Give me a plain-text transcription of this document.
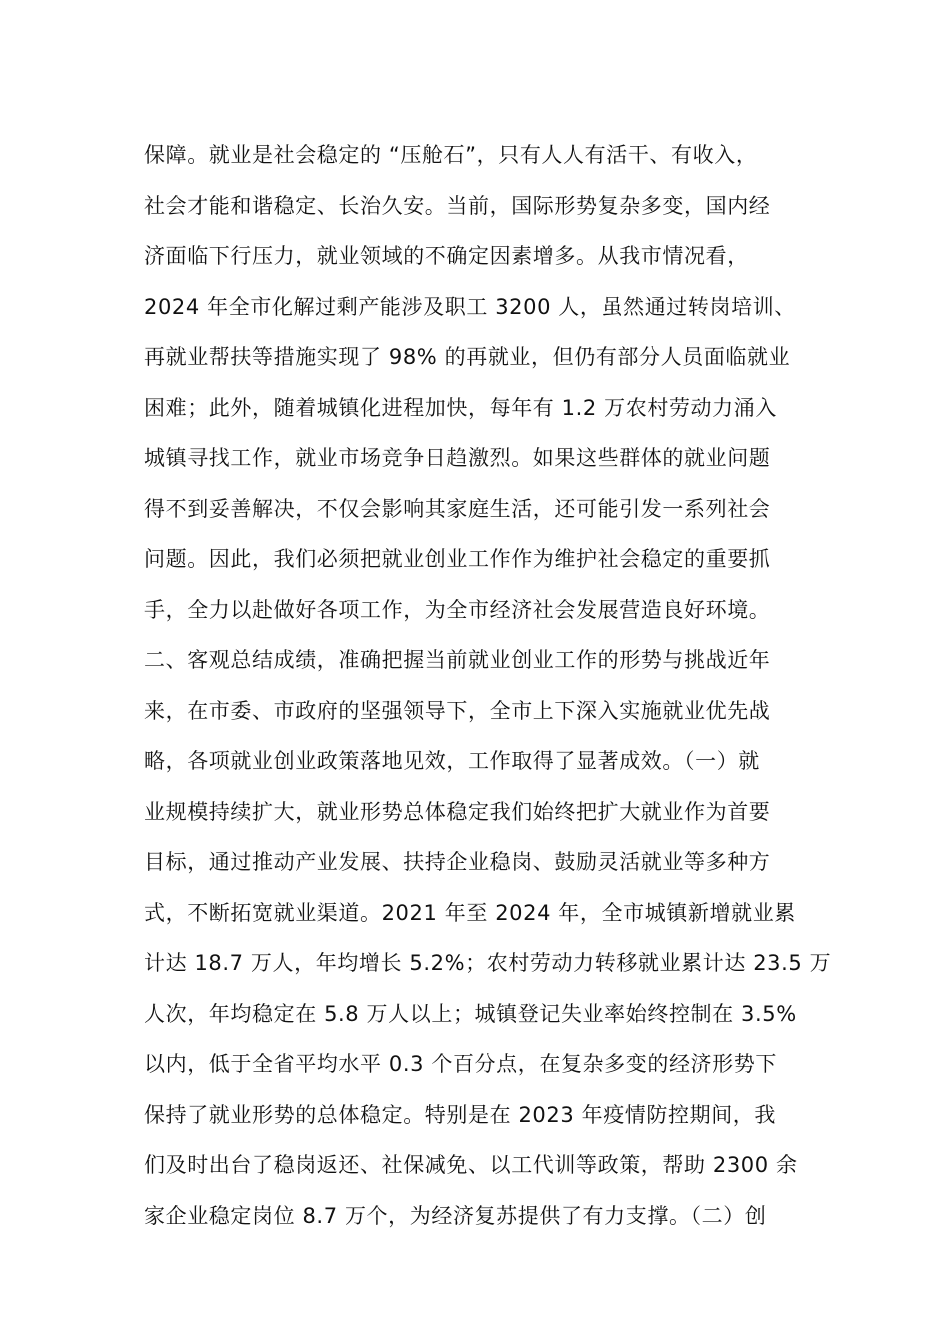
保障。就业是社会稳定的 “压舱石”，只有人人有活干、有收入，
社会才能和谐稳定、长治久安。当前，国际形势复杂多变，国内经
济面临下行压力，就业领域的不确定因素增多。从我市情况看，
2024 年全市化解过剩产能涉及职工 3200 人，虽然通过转岗培训、
再就业帮扶等措施实现了 98% 的再就业，但仍有部分人员面临就业
困难；此外，随着城镇化进程加快，每年有 1.2 万农村劳动力涌入
城镇寻找工作，就业市场竞争日趋激烈。如果这些群体的就业问题
得不到妥善解决，不仅会影响其家庭生活，还可能引发一系列社会
问题。因此，我们必须把就业创业工作作为维护社会稳定的重要抓
手，全力以赴做好各项工作，为全市经济社会发展营造良好环境。
二、客观总结成绩，准确把握当前就业创业工作的形势与挑战近年
来，在市委、市政府的坚强领导下，全市上下深入实施就业优先战
略，各项就业创业政策落地见效，工作取得了显著成效。（一）就
业规模持续扩大，就业形势总体稳定我们始终把扩大就业作为首要
目标，通过推动产业发展、扶持企业稳岗、鼓励灵活就业等多种方
式，不断拓宽就业渠道。2021 年至 2024 年，全市城镇新增就业累
计达 18.7 万人，年均增长 5.2%；农村劳动力转移就业累计达 23.5 万
人次，年均稳定在 5.8 万人以上；城镇登记失业率始终控制在 3.5%
以内，低于全省平均水平 0.3 个百分点，在复杂多变的经济形势下
保持了就业形势的总体稳定。特别是在 2023 年疫情防控期间，我
们及时出台了稳岗返还、社保减免、以工代训等政策，帮助 2300 余
家企业稳定岗位 8.7 万个，为经济复苏提供了有力支撑。（二）创
